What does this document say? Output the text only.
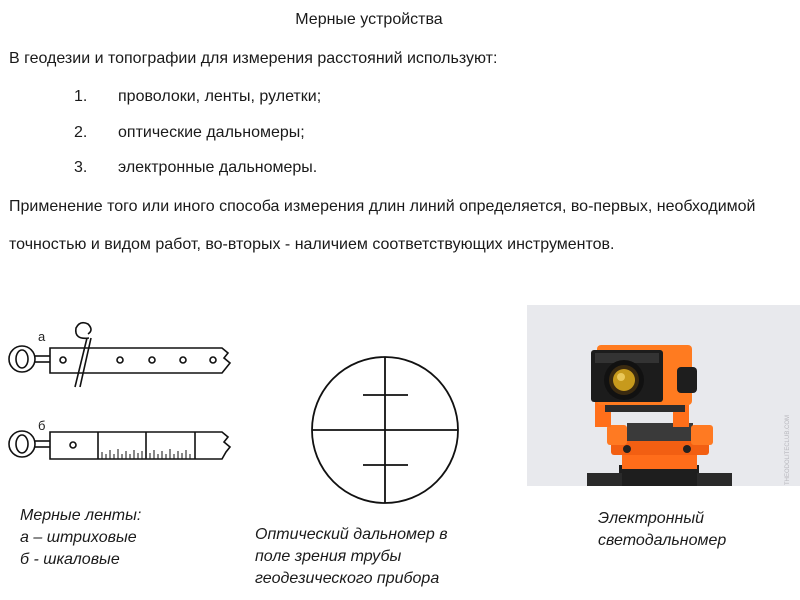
Мерные устройства
В геодезии и топографии для измерения расстояний используют:
1.	проволоки, ленты, рулетки;
2.	оптические дальномеры;
3.	электронные дальномеры.
Применение того или иного способа измерения длин линий определяется, во-первых, необходимой точностью и видом работ, во-вторых - наличием соответствующих инструментов.
а
б	THEODOLITECLUB.COM
Мерные ленты:
а – штриховые
б - шкаловые
Оптический дальномер в
поле зрения трубы
геодезического прибора
Электронный
светодальномер
